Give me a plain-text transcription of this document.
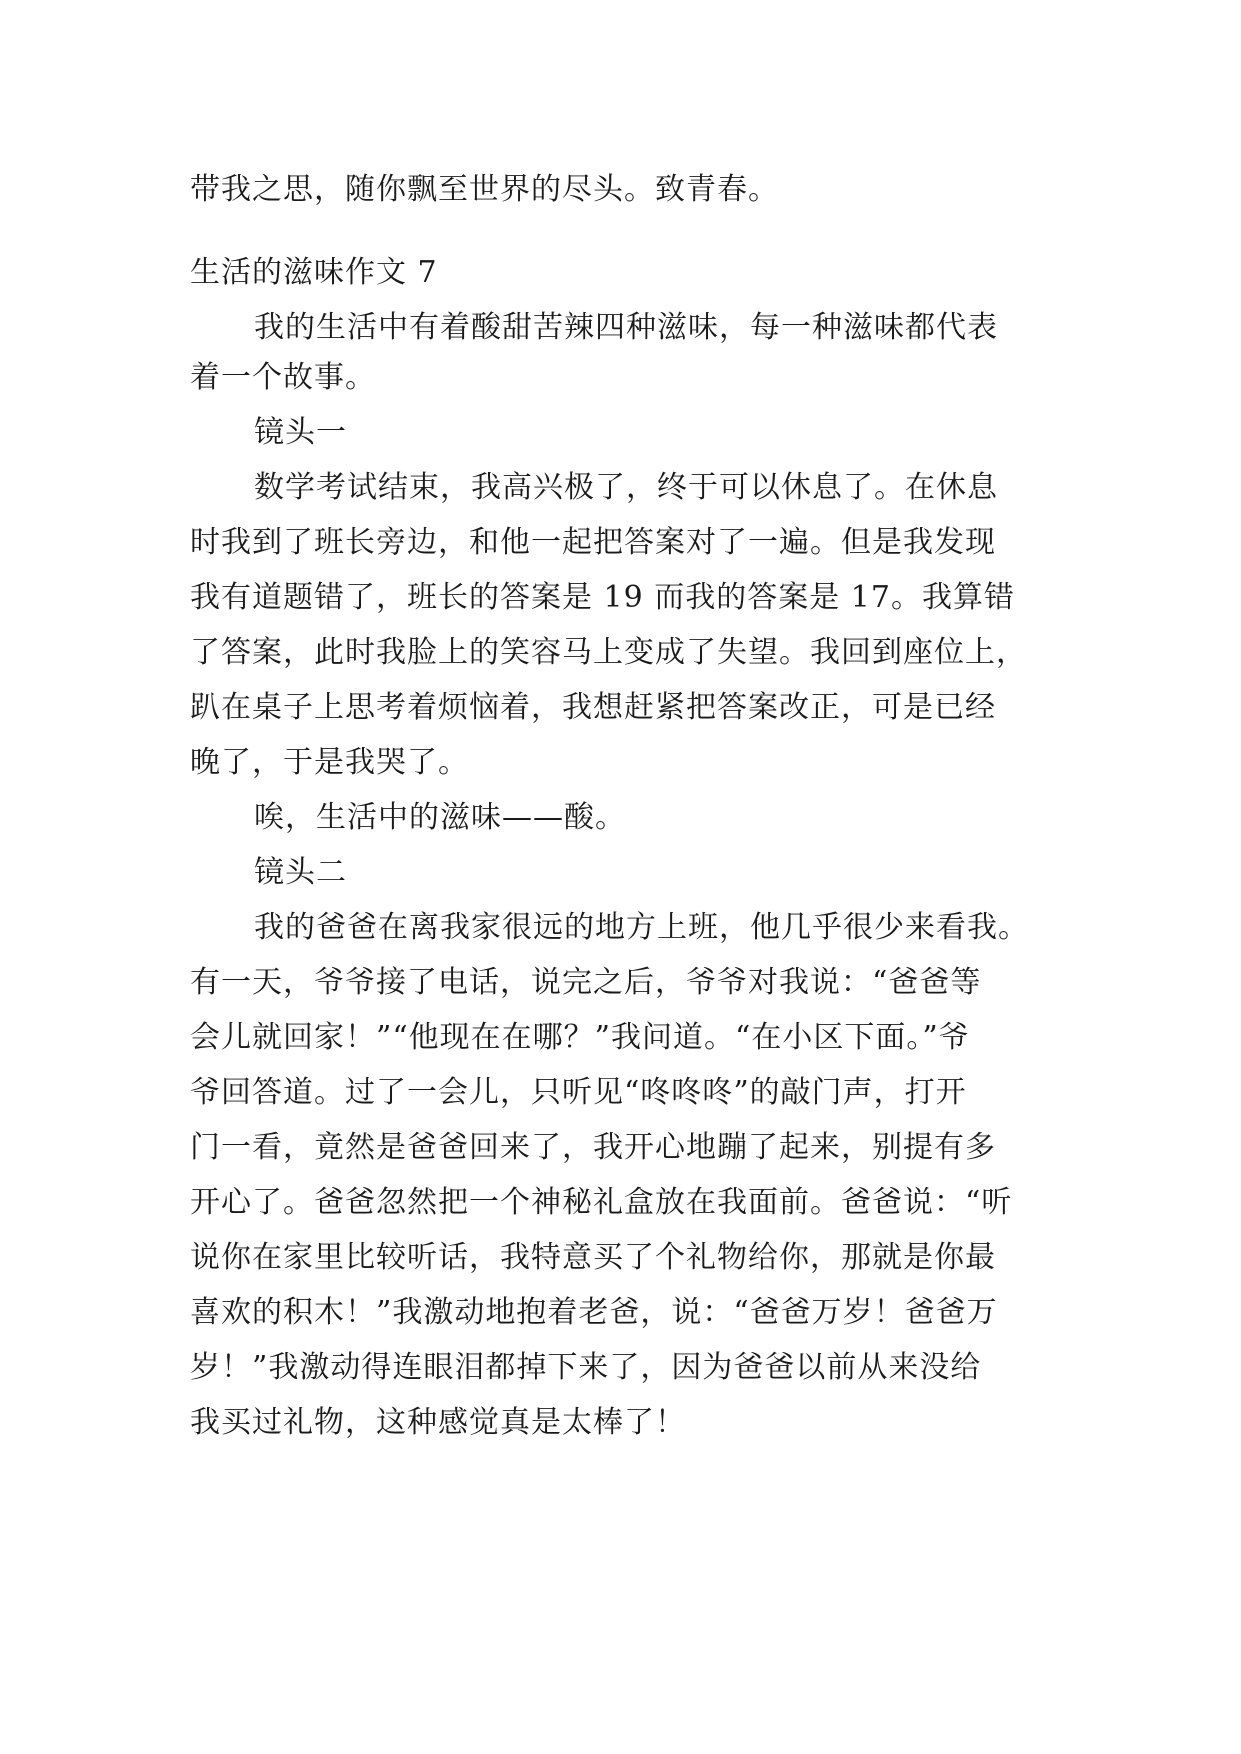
带我之思，随你飘至世界的尽头。致青春。
生活的滋味作文 7
我的生活中有着酸甜苦辣四种滋味，每一种滋味都代表
着一个故事。
镜头一
数学考试结束，我高兴极了，终于可以休息了。在休息
时我到了班长旁边，和他一起把答案对了一遍。但是我发现
我有道题错了，班长的答案是 19 而我的答案是 17。我算错
了答案，此时我脸上的笑容马上变成了失望。我回到座位上，
趴在桌子上思考着烦恼着，我想赶紧把答案改正，可是已经
晚了，于是我哭了。
唉，生活中的滋味——酸。
镜头二
我的爸爸在离我家很远的地方上班，他几乎很少来看我。
有一天，爷爷接了电话，说完之后，爷爷对我说：“爸爸等
会儿就回家！”“他现在在哪？”我问道。“在小区下面。”爷
爷回答道。过了一会儿，只听见“咚咚咚”的敲门声，打开
门一看，竟然是爸爸回来了，我开心地蹦了起来，别提有多
开心了。爸爸忽然把一个神秘礼盒放在我面前。爸爸说：“听
说你在家里比较听话，我特意买了个礼物给你，那就是你最
喜欢的积木！”我激动地抱着老爸，说：“爸爸万岁！爸爸万
岁！”我激动得连眼泪都掉下来了，因为爸爸以前从来没给
我买过礼物，这种感觉真是太棒了！
